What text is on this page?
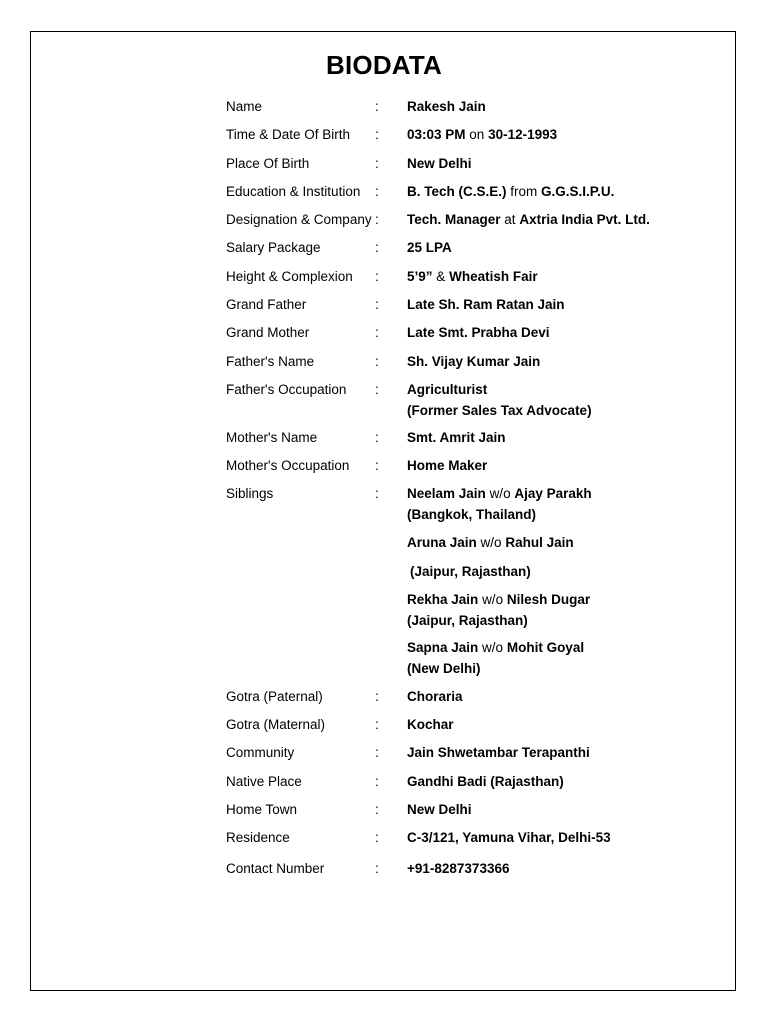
BIODATA
Name	: Rakesh Jain
Time & Date Of Birth : 03:03 PM on 30-12-1993
Place Of Birth	: New Delhi
Education & Institution : B. Tech (C.S.E.) from G.G.S.I.P.U.
Designation & Company : Tech. Manager at Axtria India Pvt. Ltd.
Salary Package	: 25 LPA
Height & Complexion : 5’9” & Wheatish Fair
Grand Father	: Late Sh. Ram Ratan Jain
Grand Mother	: Late Smt. Prabha Devi
Father's Name	: Sh. Vijay Kumar Jain
Father's Occupation : Agriculturist
(Former Sales Tax Advocate)
Mother's Name	: Smt. Amrit Jain
Mother's Occupation : Home Maker
Siblings	: Neelam Jain w/o Ajay Parakh
(Bangkok, Thailand)
Aruna Jain w/o Rahul Jain
(Jaipur, Rajasthan)
Rekha Jain w/o Nilesh Dugar
(Jaipur, Rajasthan)
Sapna Jain w/o Mohit Goyal
(New Delhi)
Gotra (Paternal)	: Choraria
Gotra (Maternal)	: Kochar
Community	: Jain Shwetambar Terapanthi
Native Place	: Gandhi Badi (Rajasthan)
Home Town	: New Delhi
Residence	: C-3/121, Yamuna Vihar, Delhi-53
Contact Number	: +91-8287373366
